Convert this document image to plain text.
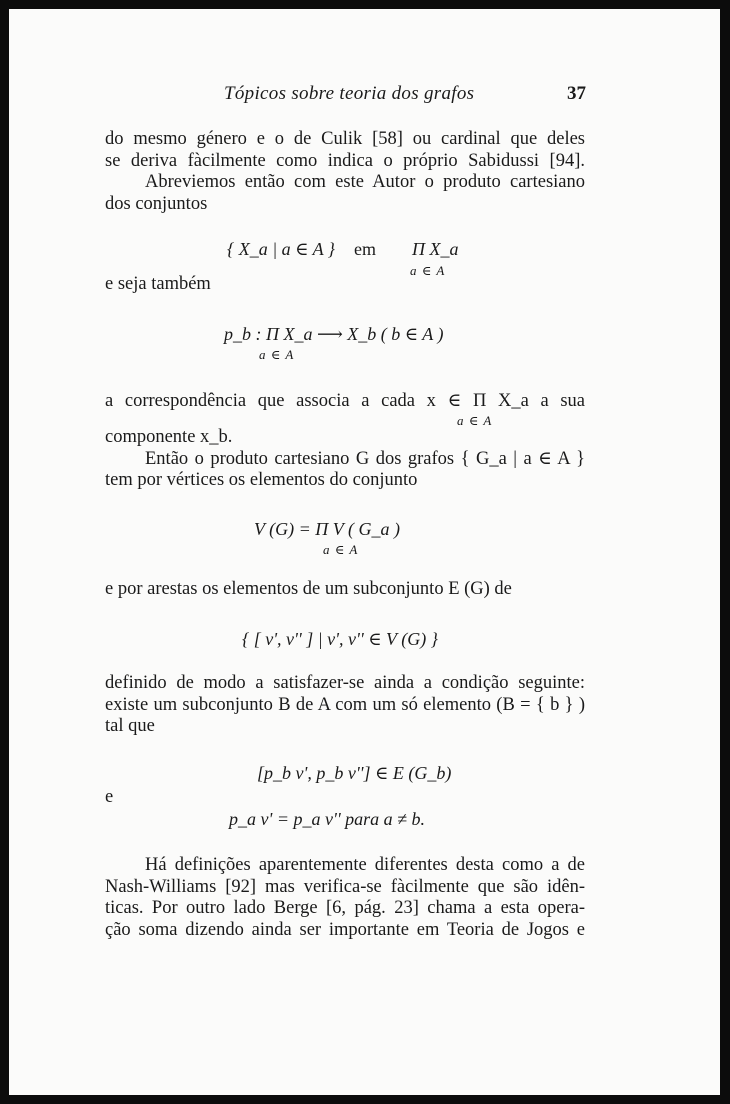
Tópicos sobre teoria dos grafos	37
do mesmo género e o de Culik [58] ou cardinal que deles
se deriva fàcilmente como indica o próprio Sabidussi [94].
Abreviemos então com este Autor o produto cartesiano
dos conjuntos
{ X_a | a ∈ A } em Π X_a
a ∈ A
e seja também
p_b : Π X_a ⟶ X_b ( b ∈ A )
a ∈ A
a correspondência que associa a cada x ∈ Π X_a a sua
a ∈ A
componente x_b.
Então o produto cartesiano G dos grafos { G_a | a ∈ A }
tem por vértices os elementos do conjunto
V (G) = Π V ( G_a )
a ∈ A
e por arestas os elementos de um subconjunto E (G) de
{ [ v', v'' ] | v', v'' ∈ V (G) }
definido de modo a satisfazer-se ainda a condição seguinte:
existe um subconjunto B de A com um só elemento (B = { b } )
tal que
[p_b v', p_b v''] ∈ E (G_b)
e
p_a v' = p_a v'' para a ≠ b.
Há definições aparentemente diferentes desta como a de
Nash-Williams [92] mas verifica-se fàcilmente que são idên-
ticas. Por outro lado Berge [6, pág. 23] chama a esta opera-
ção soma dizendo ainda ser importante em Teoria de Jogos e
